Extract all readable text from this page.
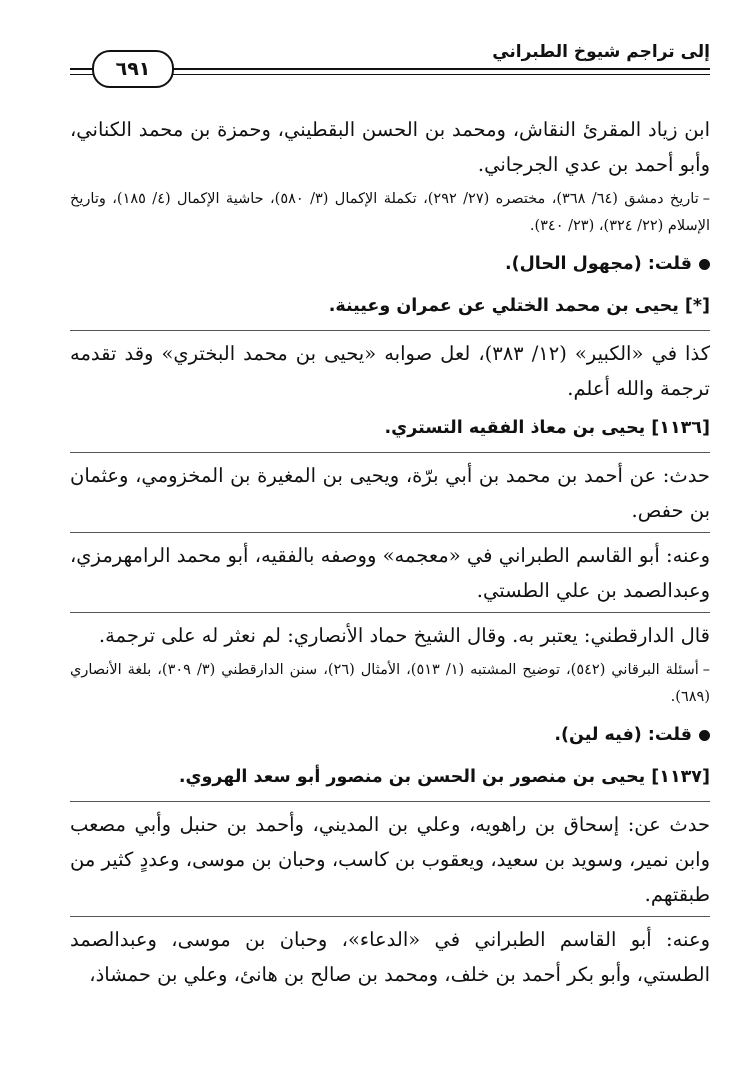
إلى تراجم شيوخ الطبراني
٦٩١

ابن زياد المقرئ النقاش، ومحمد بن الحسن البقطيني، وحمزة بن محمد الكناني، وأبو أحمد بن عدي الجرجاني.

–تاريخ دمشق (٦٤/ ٣٦٨)، مختصره (٢٧/ ٢٩٢)، تكملة الإكمال (٣/ ٥٨٠)، حاشية الإكمال (٤/ ١٨٥)، وتاريخ الإسلام (٢٢/ ٣٢٤)، (٢٣/ ٣٤٠).

قلت: (مجهول الحال).

[*]يحيى بن محمد الختلي عن عمران وعيينة.

كذا في «الكبير» (١٢/ ٣٨٣)، لعل صوابه «يحيى بن محمد البختري» وقد تقدمه ترجمة والله أعلم.

[١١٣٦]يحيى بن معاذ الفقيه التستري.

حدث: عن أحمد بن محمد بن أبي برّة، ويحيى بن المغيرة بن المخزومي، وعثمان بن حفص.

وعنه: أبو القاسم الطبراني في «معجمه» ووصفه بالفقيه، أبو محمد الرامهرمزي، وعبدالصمد بن علي الطستي.

قال الدارقطني: يعتبر به. وقال الشيخ حماد الأنصاري: لم نعثر له على ترجمة.

–أسئلة البرقاني (٥٤٢)، توضيح المشتبه (١/ ٥١٣)، الأمثال (٢٦)، سنن الدارقطني (٣/ ٣٠٩)، بلغة الأنصاري (٦٨٩).

قلت: (فيه لين).

[١١٣٧]يحيى بن منصور بن الحسن بن منصور أبو سعد الهروي.

حدث عن: إسحاق بن راهويه، وعلي بن المديني، وأحمد بن حنبل وأبي مصعب وابن نمير، وسويد بن سعيد، ويعقوب بن كاسب، وحبان بن موسى، وعددٍ كثير من طبقتهم.

وعنه: أبو القاسم الطبراني في «الدعاء»، وحبان بن موسى، وعبدالصمد الطستي، وأبو بكر أحمد بن خلف، ومحمد بن صالح بن هانئ، وعلي بن حمشاذ،
